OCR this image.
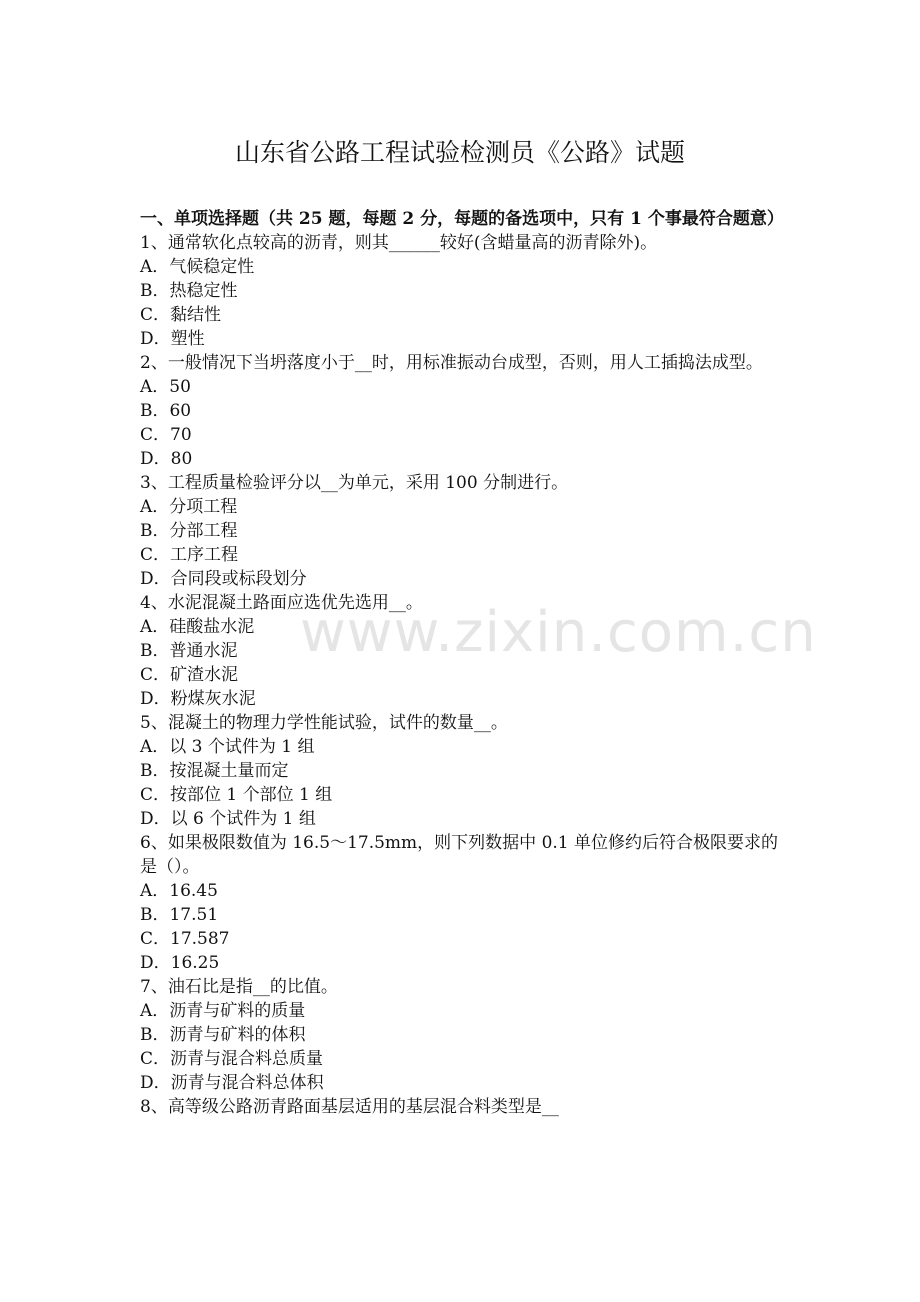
山东省公路工程试验检测员《公路》试题

一、单项选择题（共 25 题，每题 2 分，每题的备选项中，只有 1 个事最符合题意）

1、通常软化点较高的沥青，则其______较好(含蜡量高的沥青除外)。

A．气候稳定性

B．热稳定性

C．黏结性

D．塑性

2、一般情况下当坍落度小于__时，用标准振动台成型，否则，用人工插捣法成型。

A．50

B．60

C．70

D．80

3、工程质量检验评分以__为单元，采用 100 分制进行。

A．分项工程

B．分部工程

C．工序工程

D．合同段或标段划分

4、水泥混凝土路面应选优先选用__。

A．硅酸盐水泥

B．普通水泥

C．矿渣水泥

D．粉煤灰水泥

5、混凝土的物理力学性能试验，试件的数量__。

A．以 3 个试件为 1 组

B．按混凝土量而定

C．按部位 1 个部位 1 组

D．以 6 个试件为 1 组

6、如果极限数值为 16.5～17.5mm，则下列数据中 0.1 单位修约后符合极限要求的是（）。

A．16.45

B．17.51

C．17.587

D．16.25

7、油石比是指__的比值。

A．沥青与矿料的质量

B．沥青与矿料的体积

C．沥青与混合料总质量

D．沥青与混合料总体积

8、高等级公路沥青路面基层适用的基层混合料类型是__

www.zixin.com.cn
